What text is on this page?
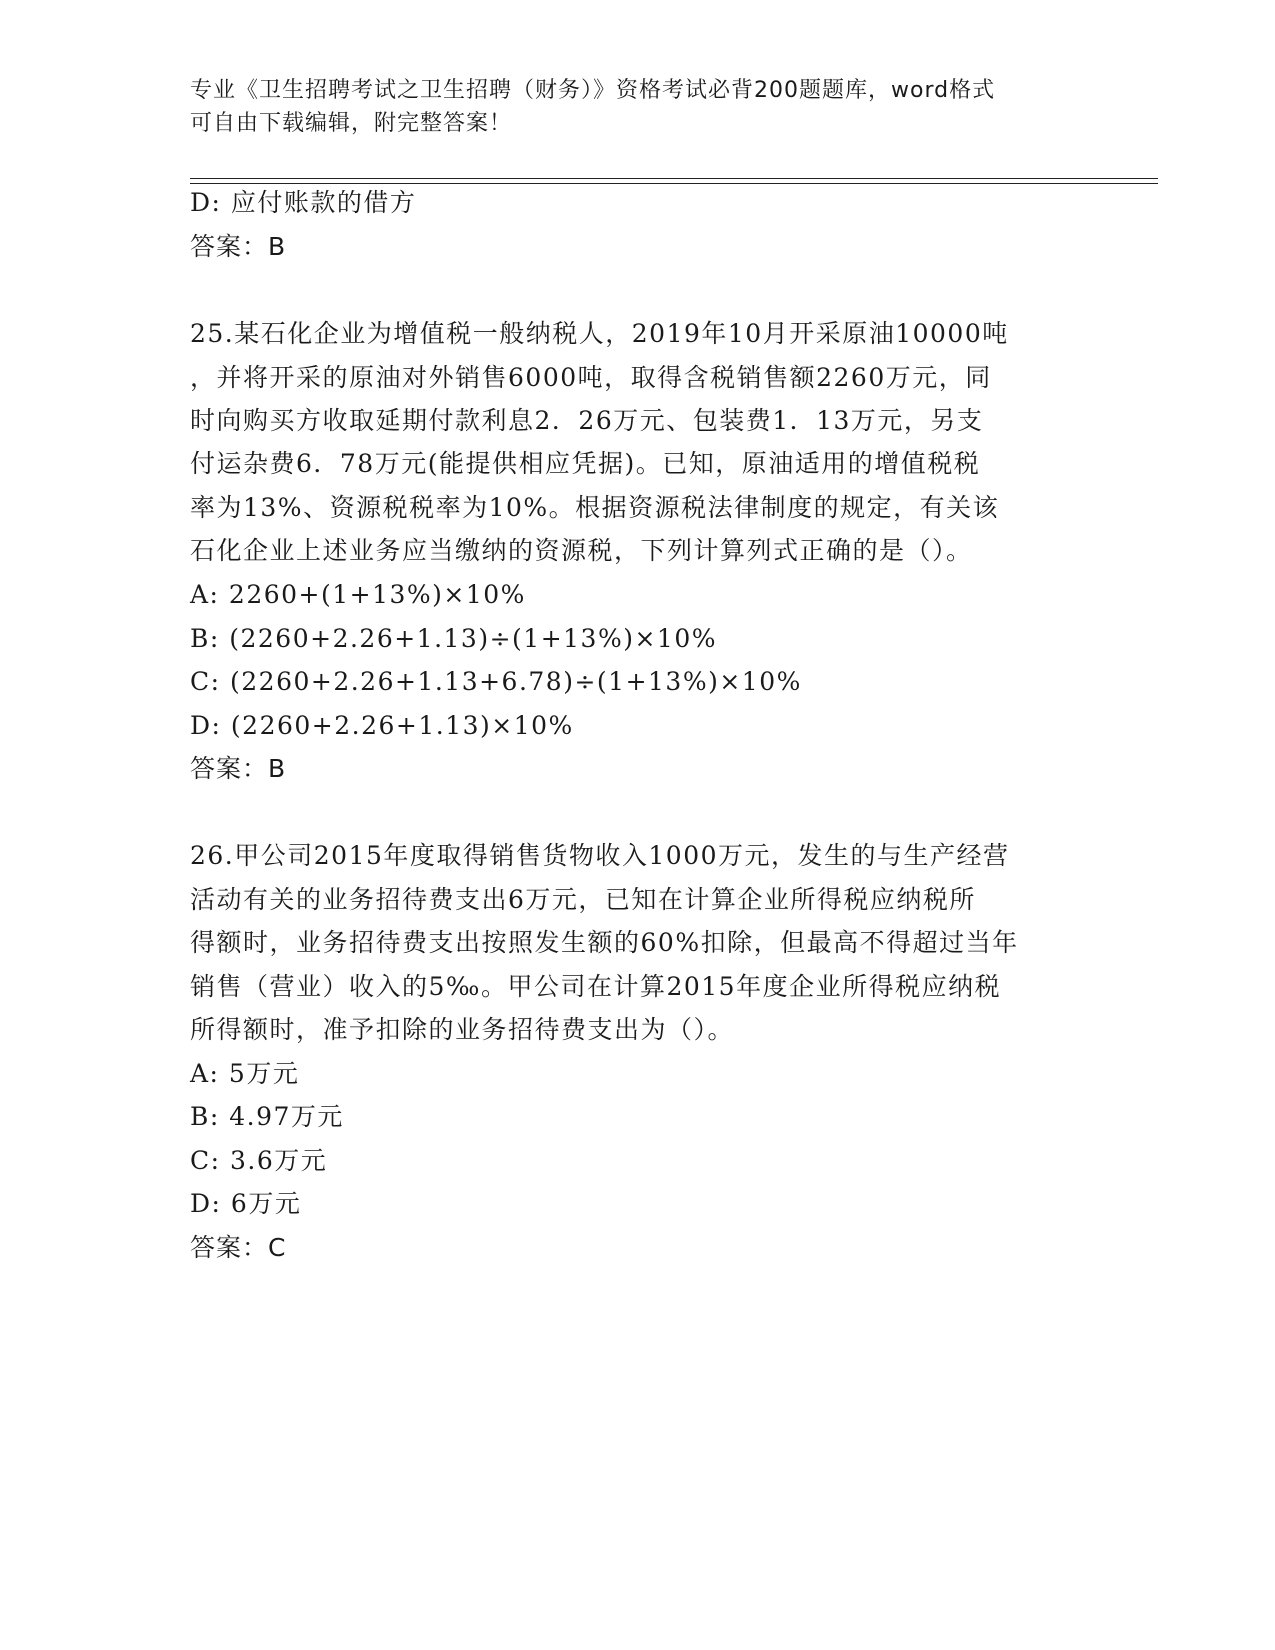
专业《卫生招聘考试之卫生招聘（财务）》资格考试必背200题题库，word格式
可自由下载编辑，附完整答案！
D: 应付账款的借方
答案：B
25.某石化企业为增值税一般纳税人，2019年10月开采原油10000吨
，并将开采的原油对外销售6000吨，取得含税销售额2260万元，同
时向购买方收取延期付款利息2．26万元、包装费1．13万元，另支
付运杂费6．78万元(能提供相应凭据)。已知，原油适用的增值税税
率为13%、资源税税率为10%。根据资源税法律制度的规定，有关该
石化企业上述业务应当缴纳的资源税，下列计算列式正确的是（）。
A: 2260+(1+13%)×10%
B: (2260+2.26+1.13)÷(1+13%)×10%
C: (2260+2.26+1.13+6.78)÷(1+13%)×10%
D: (2260+2.26+1.13)×10%
答案：B
26.甲公司2015年度取得销售货物收入1000万元，发生的与生产经营
活动有关的业务招待费支出6万元，已知在计算企业所得税应纳税所
得额时，业务招待费支出按照发生额的60%扣除，但最高不得超过当年
销售（营业）收入的5‰。甲公司在计算2015年度企业所得税应纳税
所得额时，准予扣除的业务招待费支出为（）。
A: 5万元
B: 4.97万元
C: 3.6万元
D: 6万元
答案：C
